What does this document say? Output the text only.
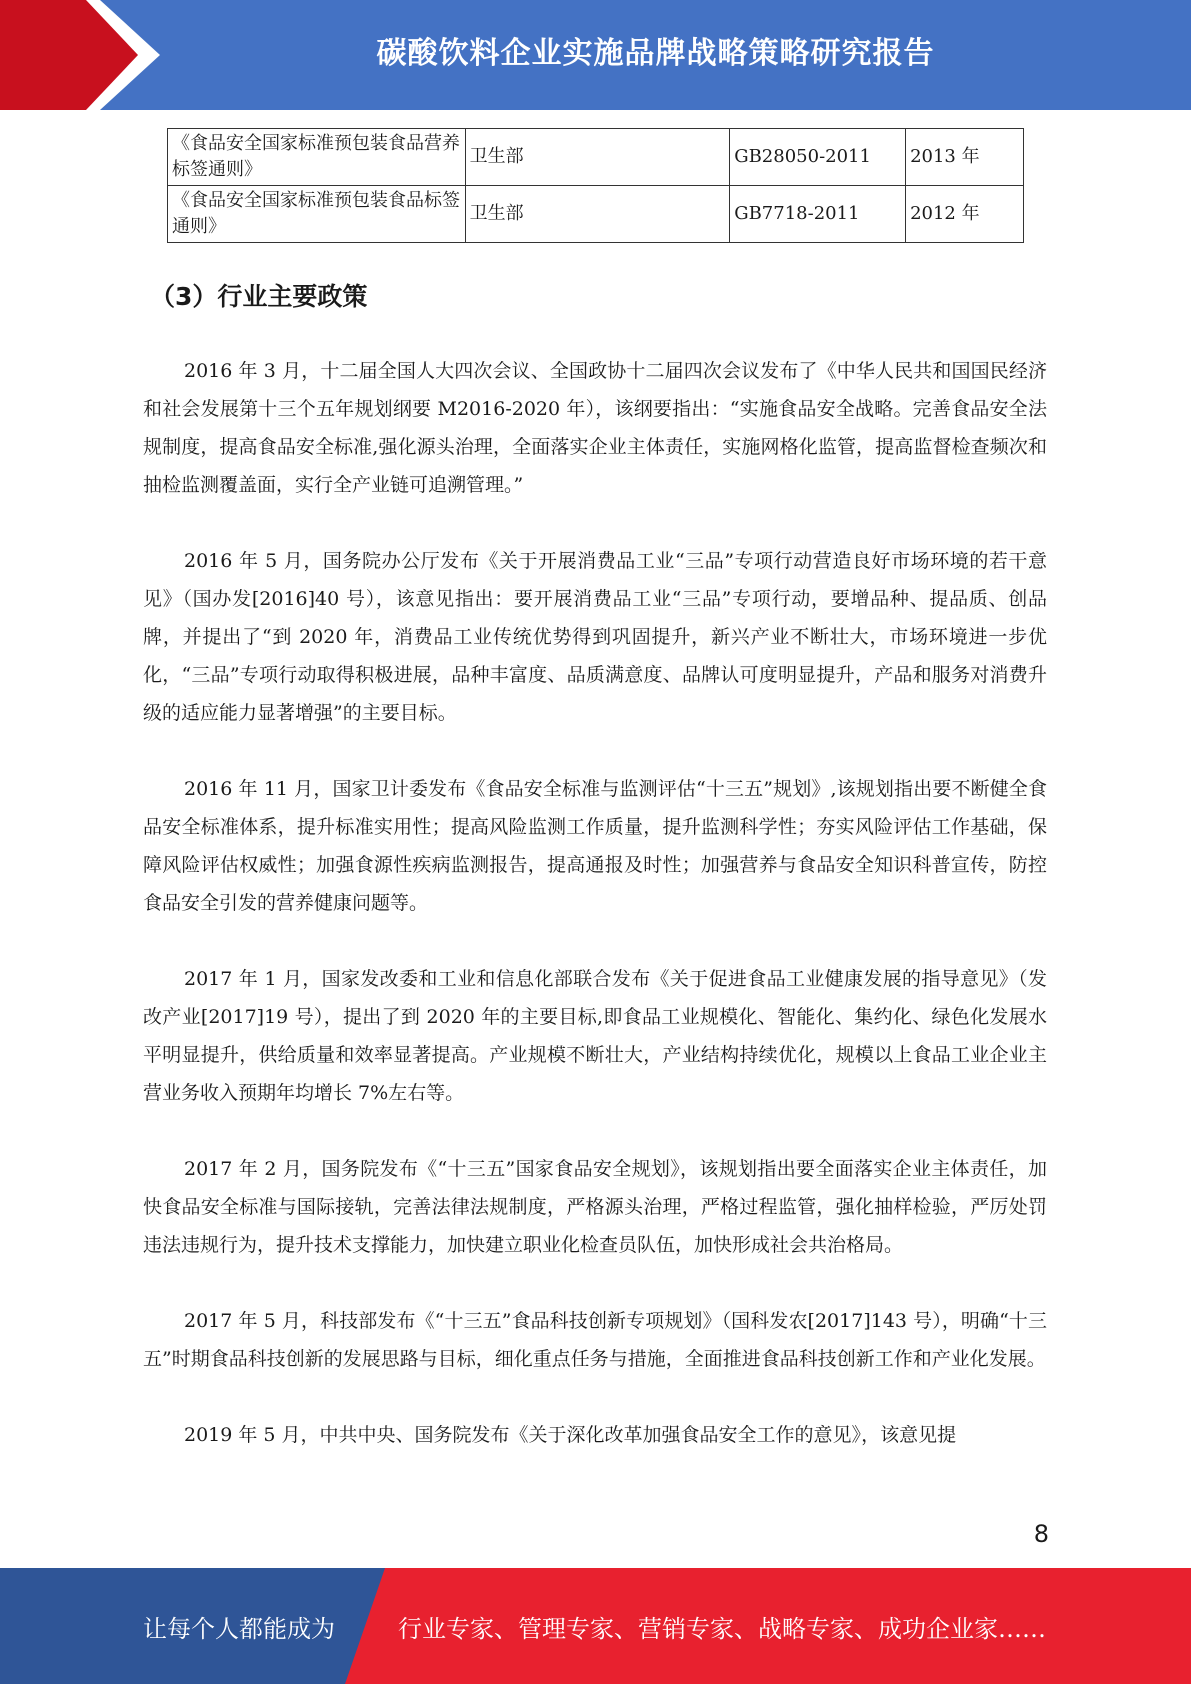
碳酸饮料企业实施品牌战略策略研究报告
《食品安全国家标准预包装食品营养标签通则》	卫生部	GB28050-2011	2013 年
《食品安全国家标准预包装食品标签通则》	卫生部	GB7718-2011	2012 年
（3）行业主要政策

2016 年 3 月，十二届全国人大四次会议、全国政协十二届四次会议发布了《中华人民共和国国民经济和社会发展第十三个五年规划纲要 M2016-2020 年），该纲要指出：“实施食品安全战略。完善食品安全法规制度，提高食品安全标准,强化源头治理，全面落实企业主体责任，实施网格化监管，提高监督检查频次和抽检监测覆盖面，实行全产业链可追溯管理。”

2016 年 5 月，国务院办公厅发布《关于开展消费品工业“三品”专项行动营造良好市场环境的若干意见》（国办发[2016]40 号），该意见指出：要开展消费品工业“三品”专项行动，要增品种、提品质、创品牌，并提出了“到 2020 年，消费品工业传统优势得到巩固提升，新兴产业不断壮大，市场环境进一步优化，“三品”专项行动取得积极进展，品种丰富度、品质满意度、品牌认可度明显提升，产品和服务对消费升级的适应能力显著增强”的主要目标。

2016 年 11 月，国家卫计委发布《食品安全标准与监测评估“十三五”规划》,该规划指出要不断健全食品安全标准体系，提升标准实用性；提高风险监测工作质量，提升监测科学性；夯实风险评估工作基础，保障风险评估权威性；加强食源性疾病监测报告，提高通报及时性；加强营养与食品安全知识科普宣传，防控食品安全引发的营养健康问题等。

2017 年 1 月，国家发改委和工业和信息化部联合发布《关于促进食品工业健康发展的指导意见》（发改产业[2017]19 号），提出了到 2020 年的主要目标,即食品工业规模化、智能化、集约化、绿色化发展水平明显提升，供给质量和效率显著提高。产业规模不断壮大，产业结构持续优化，规模以上食品工业企业主营业务收入预期年均增长 7%左右等。

2017 年 2 月，国务院发布《“十三五”国家食品安全规划》，该规划指出要全面落实企业主体责任，加快食品安全标准与国际接轨，完善法律法规制度，严格源头治理，严格过程监管，强化抽样检验，严厉处罚违法违规行为，提升技术支撑能力，加快建立职业化检查员队伍，加快形成社会共治格局。

2017 年 5 月，科技部发布《“十三五”食品科技创新专项规划》（国科发农[2017]143 号），明确“十三五”时期食品科技创新的发展思路与目标，细化重点任务与措施，全面推进食品科技创新工作和产业化发展。

2019 年 5 月，中共中央、国务院发布《关于深化改革加强食品安全工作的意见》，该意见提

8
让每个人都能成为	行业专家、管理专家、营销专家、战略专家、成功企业家……
